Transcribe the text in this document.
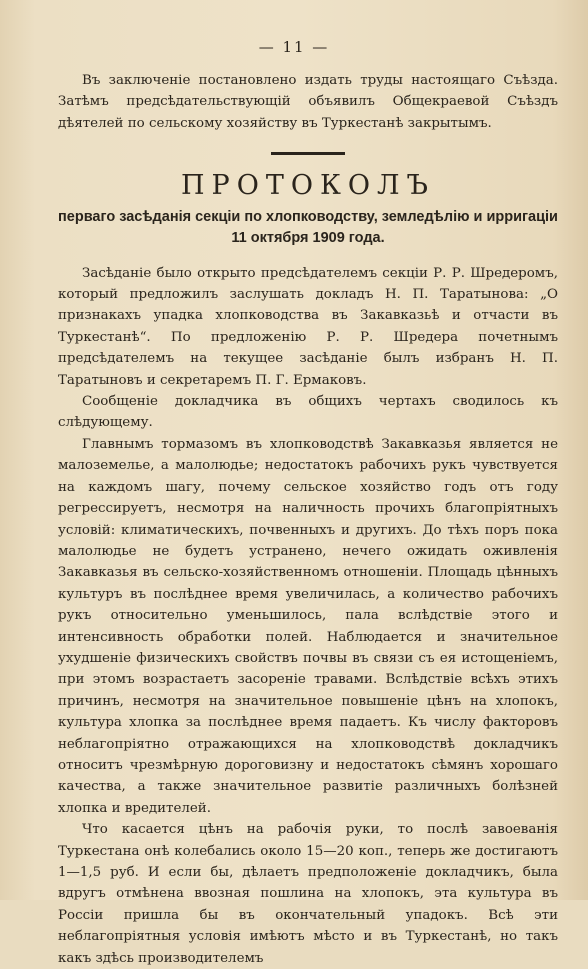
— 11 —

Въ заключеніе постановлено издать труды настоящаго Съѣзда. Затѣмъ предсѣдательствующій объявилъ Общекраевой Съѣздъ дѣятелей по сельскому хозяйству въ Туркестанѣ закрытымъ.

ПРОТОКОЛЪ
перваго засѣданія секціи по хлопководству, земледѣлію и ирригаціи 11 октября 1909 года.

Засѣданіе было открыто предсѣдателемъ секціи Р. Р. Шредеромъ, который предложилъ заслушать докладъ Н. П. Таратынова: „О признакахъ упадка хлопководства въ Закавказьѣ и отчасти въ Туркестанѣ“. По предложенію Р. Р. Шредера почетнымъ предсѣдателемъ на текущее засѣданіе былъ избранъ Н. П. Таратыновъ и секретаремъ П. Г. Ермаковъ.

Сообщеніе докладчика въ общихъ чертахъ сводилось къ слѣдующему.

Главнымъ тормазомъ въ хлопководствѣ Закавказья является не малоземелье, а малолюдье; недостатокъ рабочихъ рукъ чувствуется на каждомъ шагу, почему сельское хозяйство годъ отъ году регрессируетъ, несмотря на наличность прочихъ благопріятныхъ условій: климатическихъ, почвенныхъ и другихъ. До тѣхъ поръ пока малолюдье не будетъ устранено, нечего ожидать оживленія Закавказья въ сельско-хозяйственномъ отношеніи. Площадь цѣнныхъ культуръ въ послѣднее время увеличилась, а количество рабочихъ рукъ относительно уменьшилось, пала вслѣдствіе этого и интенсивность обработки полей. Наблюдается и значительное ухудшеніе физическихъ свойствъ почвы въ связи съ ея истощеніемъ, при этомъ возрастаетъ засореніе травами. Вслѣдствіе всѣхъ этихъ причинъ, несмотря на значительное повышеніе цѣнъ на хлопокъ, культура хлопка за послѣднее время падаетъ. Къ числу факторовъ неблагопріятно отражающихся на хлопководствѣ докладчикъ относитъ чрезмѣрную дороговизну и недостатокъ сѣмянъ хорошаго качества, а также значительное развитіе различныхъ болѣзней хлопка и вредителей.

Что касается цѣнъ на рабочія руки, то послѣ завоеванія Туркестана онѣ колебались около 15—20 коп., теперь же достигаютъ 1—1,5 руб. И если бы, дѣлаетъ предположеніе докладчикъ, была вдругъ отмѣнена ввозная пошлина на хлопокъ, эта культура въ Россіи пришла бы въ окончательный упадокъ. Всѣ эти неблагопріятныя условія имѣютъ мѣсто и въ Туркестанѣ, но такъ какъ здѣсь производителемъ
